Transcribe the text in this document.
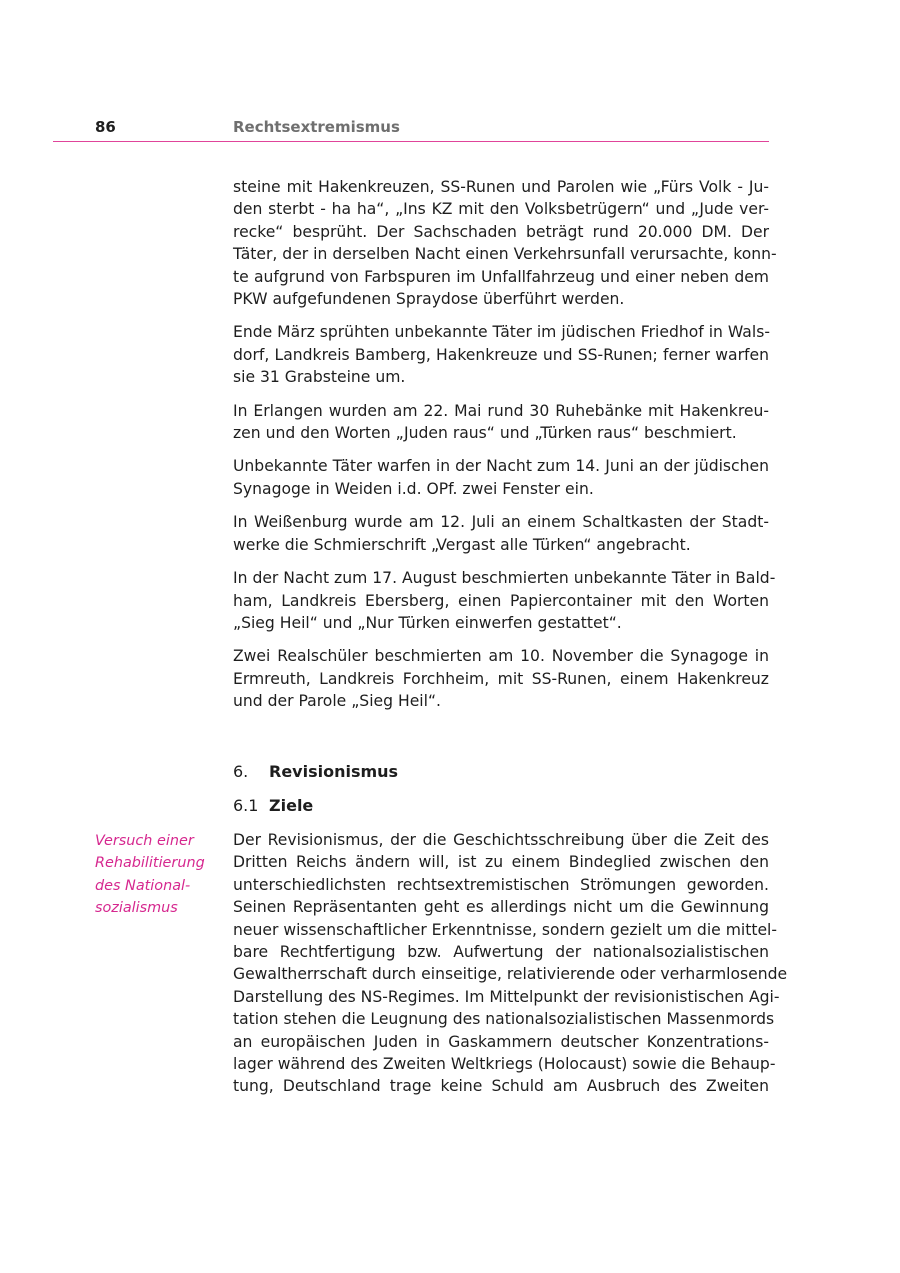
86	Rechtsextremismus

steine mit Hakenkreuzen, SS-Runen und Parolen wie „Fürs Volk - Ju-
den sterbt - ha ha“, „Ins KZ mit den Volksbetrügern“ und „Jude ver-
recke“ besprüht. Der Sachschaden beträgt rund 20.000 DM. Der
Täter, der in derselben Nacht einen Verkehrsunfall verursachte, konn-
te aufgrund von Farbspuren im Unfallfahrzeug und einer neben dem
PKW aufgefundenen Spraydose überführt werden.

Ende März sprühten unbekannte Täter im jüdischen Friedhof in Wals-
dorf, Landkreis Bamberg, Hakenkreuze und SS-Runen; ferner warfen
sie 31 Grabsteine um.

In Erlangen wurden am 22. Mai rund 30 Ruhebänke mit Hakenkreu-
zen und den Worten „Juden raus“ und „Türken raus“ beschmiert.

Unbekannte Täter warfen in der Nacht zum 14. Juni an der jüdischen
Synagoge in Weiden i.d. OPf. zwei Fenster ein.

In Weißenburg wurde am 12. Juli an einem Schaltkasten der Stadt-
werke die Schmierschrift „Vergast alle Türken“ angebracht.

In der Nacht zum 17. August beschmierten unbekannte Täter in Bald-
ham, Landkreis Ebersberg, einen Papiercontainer mit den Worten
„Sieg Heil“ und „Nur Türken einwerfen gestattet“.

Zwei Realschüler beschmierten am 10. November die Synagoge in
Ermreuth, Landkreis Forchheim, mit SS-Runen, einem Hakenkreuz
und der Parole „Sieg Heil“.

6. Revisionismus
6.1 Ziele
Versuch einer
Rehabilitierung
des National-
sozialismus

Der Revisionismus, der die Geschichtsschreibung über die Zeit des
Dritten Reichs ändern will, ist zu einem Bindeglied zwischen den
unterschiedlichsten rechtsextremistischen Strömungen geworden.
Seinen Repräsentanten geht es allerdings nicht um die Gewinnung
neuer wissenschaftlicher Erkenntnisse, sondern gezielt um die mittel-
bare Rechtfertigung bzw. Aufwertung der nationalsozialistischen
Gewaltherrschaft durch einseitige, relativierende oder verharmlosende
Darstellung des NS-Regimes. Im Mittelpunkt der revisionistischen Agi-
tation stehen die Leugnung des nationalsozialistischen Massenmords
an europäischen Juden in Gaskammern deutscher Konzentrations-
lager während des Zweiten Weltkriegs (Holocaust) sowie die Behaup-
tung, Deutschland trage keine Schuld am Ausbruch des Zweiten
